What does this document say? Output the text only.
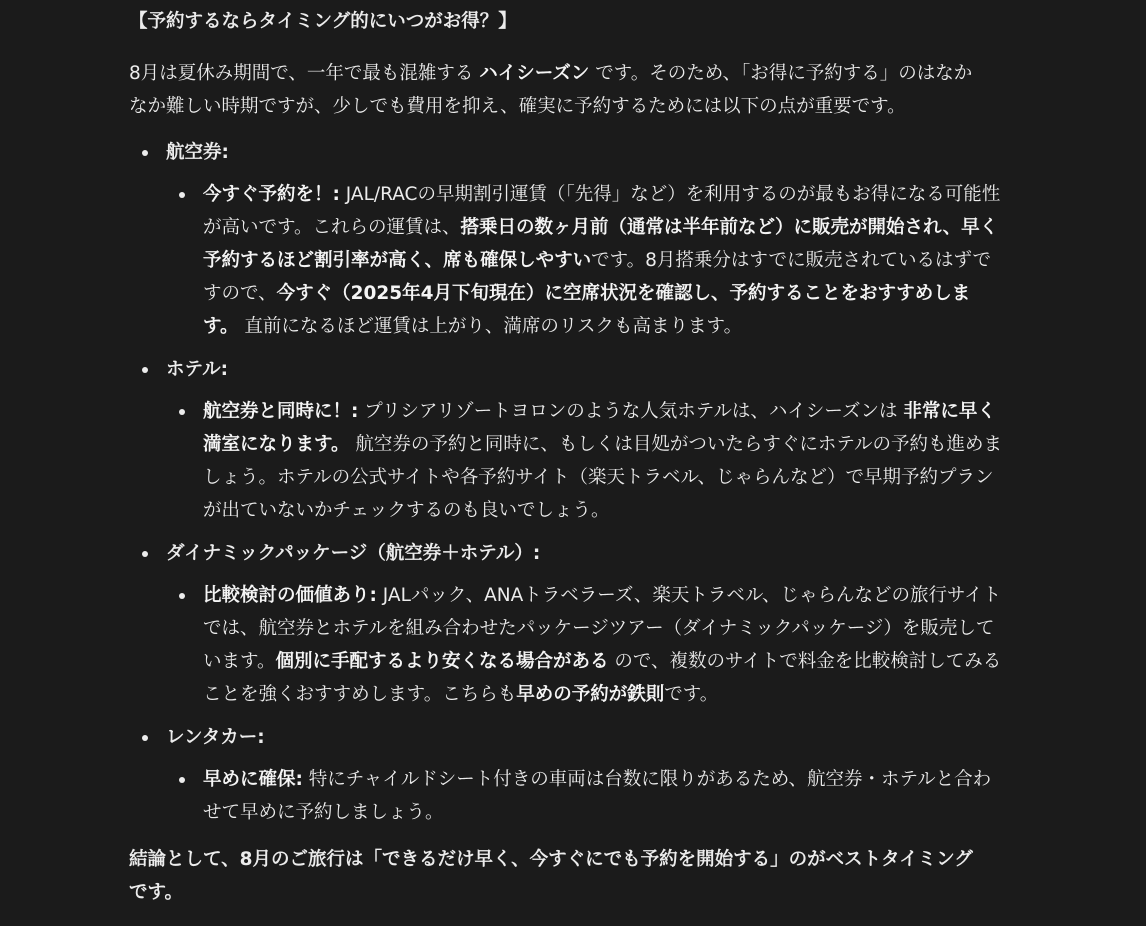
【予約するならタイミング的にいつがお得？】

8月は夏休み期間で、一年で最も混雑する ハイシーズン です。そのため、「お得に予約する」のはなかなか難しい時期ですが、少しでも費用を抑え、確実に予約するためには以下の点が重要です。

航空券:
今すぐ予約を！: JAL/RACの早期割引運賃（「先得」など）を利用するのが最もお得になる可能性が高いです。これらの運賃は、搭乗日の数ヶ月前（通常は半年前など）に販売が開始され、早く予約するほど割引率が高く、席も確保しやすいです。8月搭乗分はすでに販売されているはずですので、今すぐ（2025年4月下旬現在）に空席状況を確認し、予約することをおすすめします。 直前になるほど運賃は上がり、満席のリスクも高まります。
ホテル:
航空券と同時に！: プリシアリゾートヨロンのような人気ホテルは、ハイシーズンは 非常に早く満室になります。 航空券の予約と同時に、もしくは目処がついたらすぐにホテルの予約も進めましょう。ホテルの公式サイトや各予約サイト（楽天トラベル、じゃらんなど）で早期予約プランが出ていないかチェックするのも良いでしょう。
ダイナミックパッケージ（航空券＋ホテル）:
比較検討の価値あり: JALパック、ANAトラベラーズ、楽天トラベル、じゃらんなどの旅行サイトでは、航空券とホテルを組み合わせたパッケージツアー（ダイナミックパッケージ）を販売しています。個別に手配するより安くなる場合がある ので、複数のサイトで料金を比較検討してみることを強くおすすめします。こちらも早めの予約が鉄則です。
レンタカー:
早めに確保: 特にチャイルドシート付きの車両は台数に限りがあるため、航空券・ホテルと合わせて早めに予約しましょう。

結論として、8月のご旅行は「できるだけ早く、今すぐにでも予約を開始する」のがベストタイミングです。
